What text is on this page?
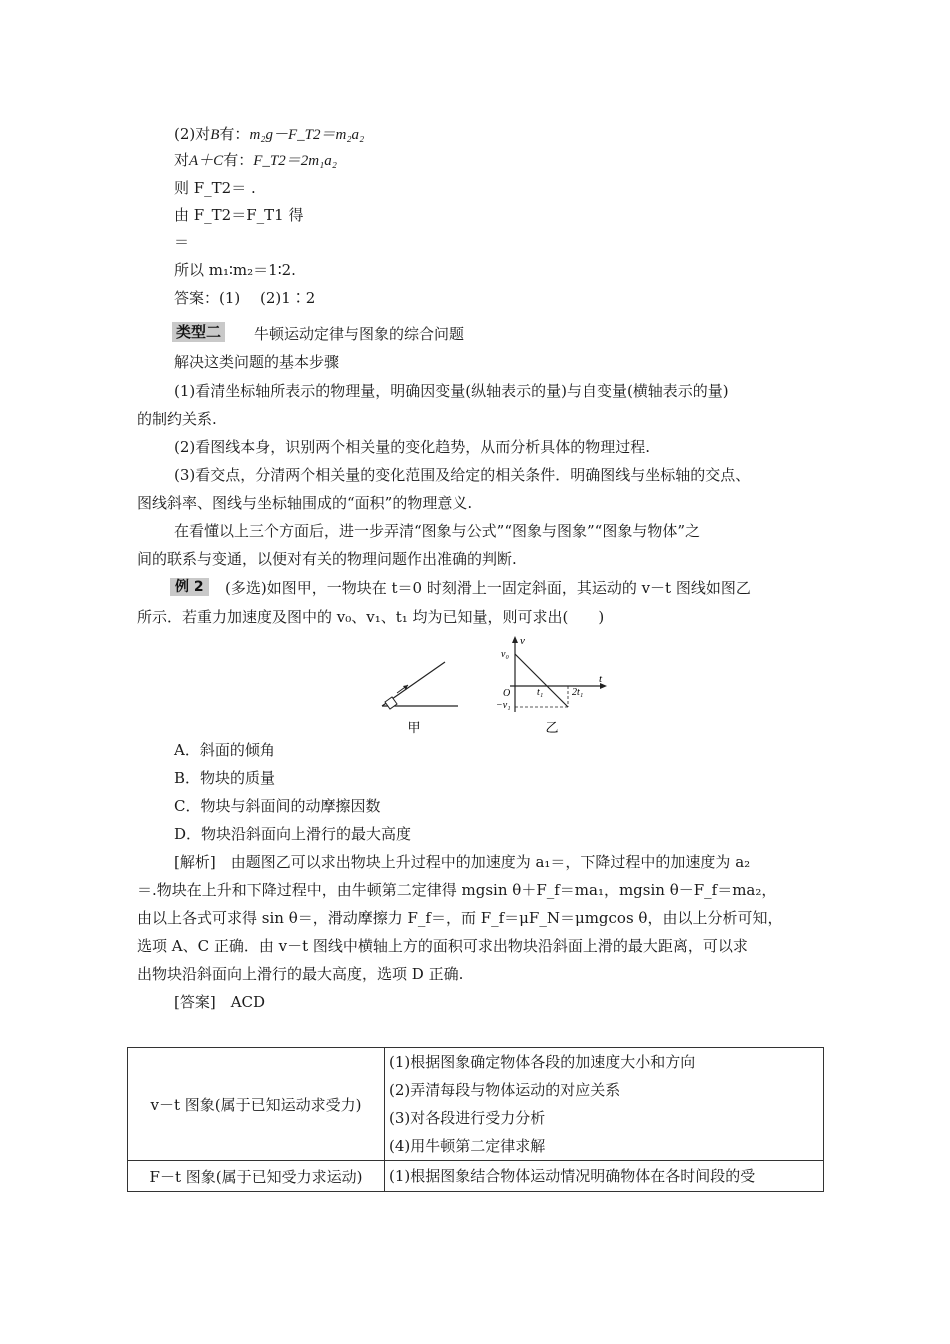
(2)对B有：m₂g－F_T2＝m₂a₂
对A＋C有：F_T2＝2m₁a₂
则 F_T2＝ .
由 F_T2＝F_T1 得
＝
所以 m₁∶m₂＝1∶2.
答案：(1)　 (2)1∶2
类型二 牛顿运动定律与图象的综合问题
解决这类问题的基本步骤
(1)看清坐标轴所表示的物理量，明确因变量(纵轴表示的量)与自变量(横轴表示的量)
的制约关系.
(2)看图线本身，识别两个相关量的变化趋势，从而分析具体的物理过程.
(3)看交点，分清两个相关量的变化范围及给定的相关条件．明确图线与坐标轴的交点、
图线斜率、图线与坐标轴围成的“面积”的物理意义.
在看懂以上三个方面后，进一步弄清“图象与公式”“图象与图象”“图象与物体”之
间的联系与变通，以便对有关的物理问题作出准确的判断.
例 2	(多选)如图甲，一物块在 t＝0 时刻滑上一固定斜面，其运动的 v－t 图线如图乙
所示．若重力加速度及图中的 v₀、v₁、t₁ 均为已知量，则可求出(　　)
甲
v
t
v₀
O	t₁	2t₁
−v₁
乙
A．斜面的倾角
B．物块的质量
C．物块与斜面间的动摩擦因数
D．物块沿斜面向上滑行的最大高度
[解析]　由题图乙可以求出物块上升过程中的加速度为 a₁＝，下降过程中的加速度为 a₂
＝.物块在上升和下降过程中，由牛顿第二定律得 mgsin θ＋F_f＝ma₁，mgsin θ－F_f＝ma₂，
由以上各式可求得 sin θ＝，滑动摩擦力 F_f＝，而 F_f＝μF_N＝μmgcos θ，由以上分析可知，
选项 A、C 正确．由 v－t 图线中横轴上方的面积可求出物块沿斜面上滑的最大距离，可以求
出物块沿斜面向上滑行的最大高度，选项 D 正确.
[答案]　ACD
v－t 图象(属于已知运动求受力)	(1)根据图象确定物体各段的加速度大小和方向
(2)弄清每段与物体运动的对应关系
(3)对各段进行受力分析
(4)用牛顿第二定律求解

F－t 图象(属于已知受力求运动)	(1)根据图象结合物体运动情况明确物体在各时间段的受
